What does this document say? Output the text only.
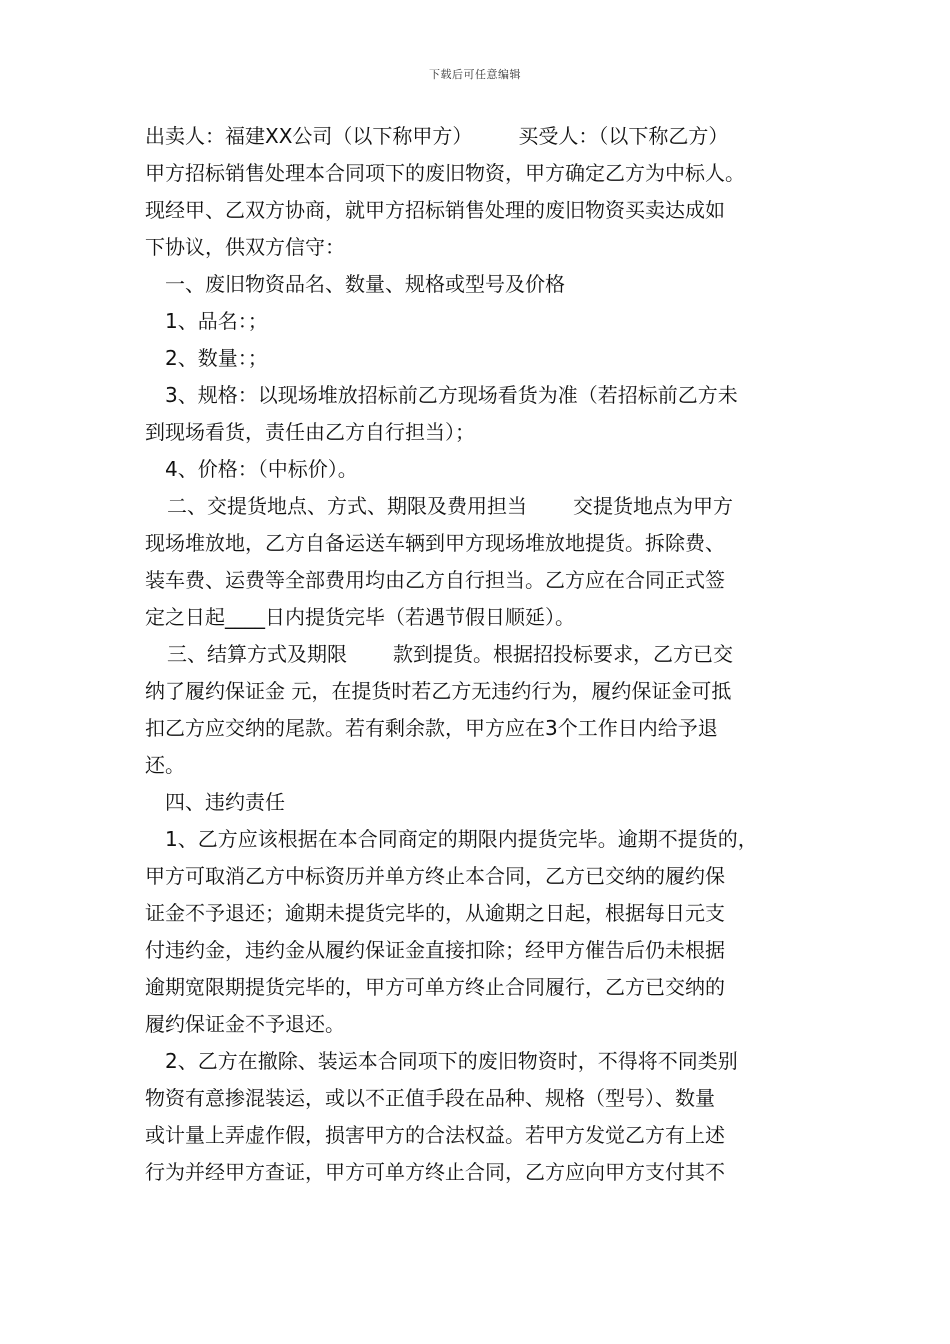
下载后可任意编辑
出卖人：福建XX公司（以下称甲方） 买受人：（以下称乙方）
甲方招标销售处理本合同项下的废旧物资，甲方确定乙方为中标人。
现经甲、乙双方协商，就甲方招标销售处理的废旧物资买卖达成如
下协议，供双方信守：
一、废旧物资品名、数量、规格或型号及价格
1、品名：；
2、数量：；
3、规格：以现场堆放招标前乙方现场看货为准（若招标前乙方未
到现场看货，责任由乙方自行担当）；
4、价格：（中标价）。
二、交提货地点、方式、期限及费用担当 交提货地点为甲方
现场堆放地，乙方自备运送车辆到甲方现场堆放地提货。拆除费、
装车费、运费等全部费用均由乙方自行担当。乙方应在合同正式签
定之日起____日内提货完毕（若遇节假日顺延）。
三、结算方式及期限 款到提货。根据招投标要求，乙方已交
纳了履约保证金 元，在提货时若乙方无违约行为，履约保证金可抵
扣乙方应交纳的尾款。若有剩余款，甲方应在3个工作日内给予退
还。
四、违约责任
1、乙方应该根据在本合同商定的期限内提货完毕。逾期不提货的，
甲方可取消乙方中标资历并单方终止本合同，乙方已交纳的履约保
证金不予退还；逾期未提货完毕的，从逾期之日起，根据每日元支
付违约金，违约金从履约保证金直接扣除；经甲方催告后仍未根据
逾期宽限期提货完毕的，甲方可单方终止合同履行，乙方已交纳的
履约保证金不予退还。
2、乙方在撤除、装运本合同项下的废旧物资时，不得将不同类别
物资有意掺混装运，或以不正值手段在品种、规格（型号）、数量
或计量上弄虚作假，损害甲方的合法权益。若甲方发觉乙方有上述
行为并经甲方查证，甲方可单方终止合同，乙方应向甲方支付其不
